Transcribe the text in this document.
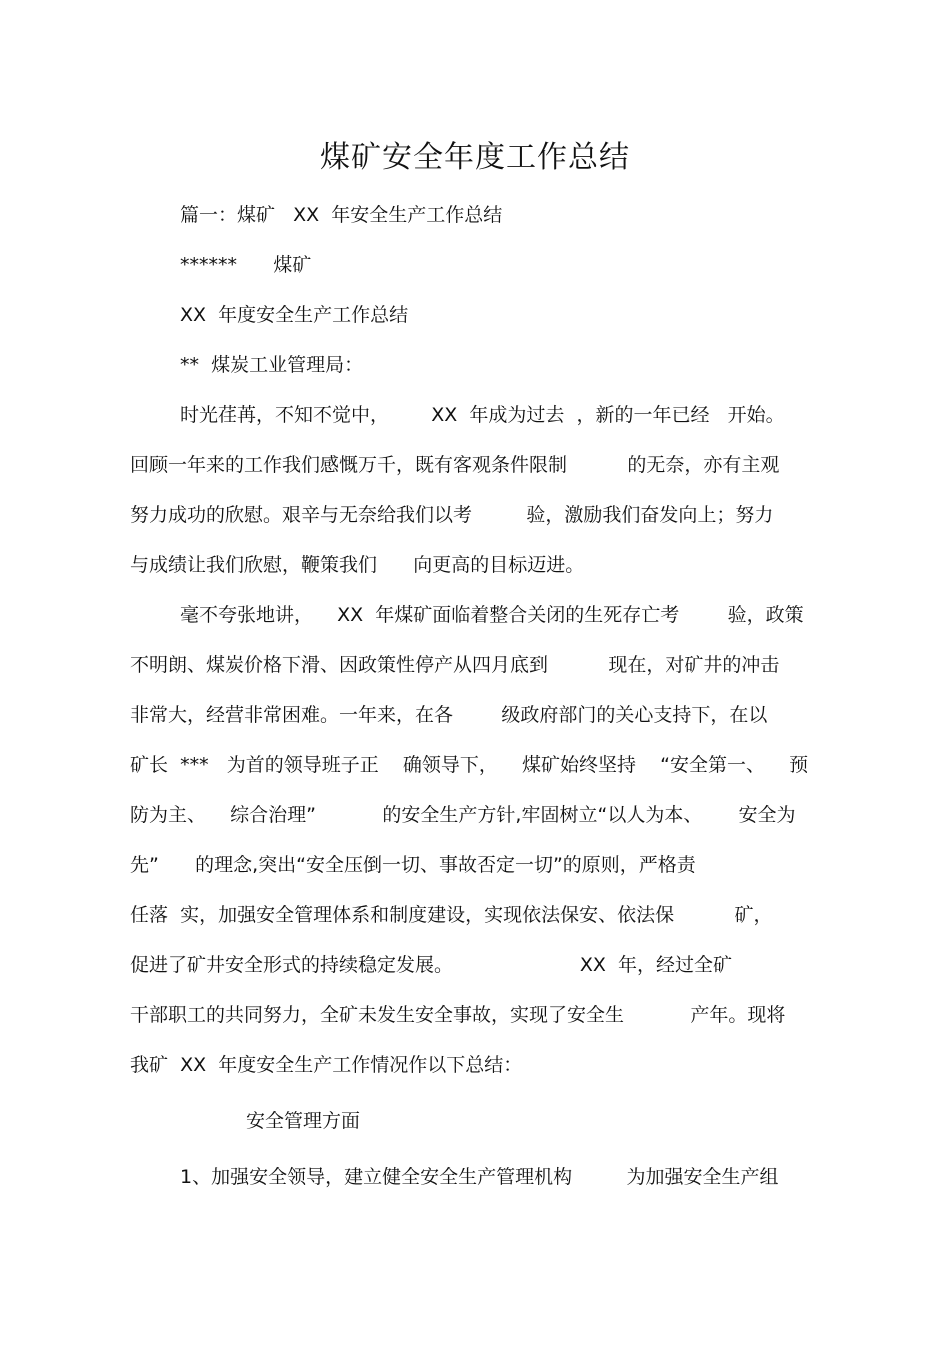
煤矿安全年度工作总结
篇一：煤矿   XX  年安全生产工作总结
******      煤矿
XX  年度安全生产工作总结
**  煤炭工业管理局：
时光荏苒，不知不觉中，       XX  年成为过去  ，新的一年已经   开始。
回顾一年来的工作我们感慨万千，既有客观条件限制          的无奈，亦有主观
努力成功的欣慰。艰辛与无奈给我们以考         验，激励我们奋发向上；努力
与成绩让我们欣慰，鞭策我们      向更高的目标迈进。
毫不夸张地讲，    XX  年煤矿面临着整合关闭的生死存亡考        验，政策
不明朗、煤炭价格下滑、因政策性停产从四月底到          现在，对矿井的冲击
非常大，经营非常困难。一年来，在各        级政府部门的关心支持下，在以
矿长  ***   为首的领导班子正    确领导下，    煤矿始终坚持    “安全第一、    预
防为主、    综合治理”           的安全生产方针,牢固树立“以人为本、      安全为
先”      的理念,突出“安全压倒一切、事故否定一切”的原则，严格责
任落  实，加强安全管理体系和制度建设，实现依法保安、依法保          矿，
促进了矿井安全形式的持续稳定发展。                     XX  年，经过全矿
干部职工的共同努力，全矿未发生安全事故，实现了安全生           产年。现将
我矿  XX  年度安全生产工作情况作以下总结：
安全管理方面
1、加强安全领导，建立健全安全生产管理机构         为加强安全生产组
